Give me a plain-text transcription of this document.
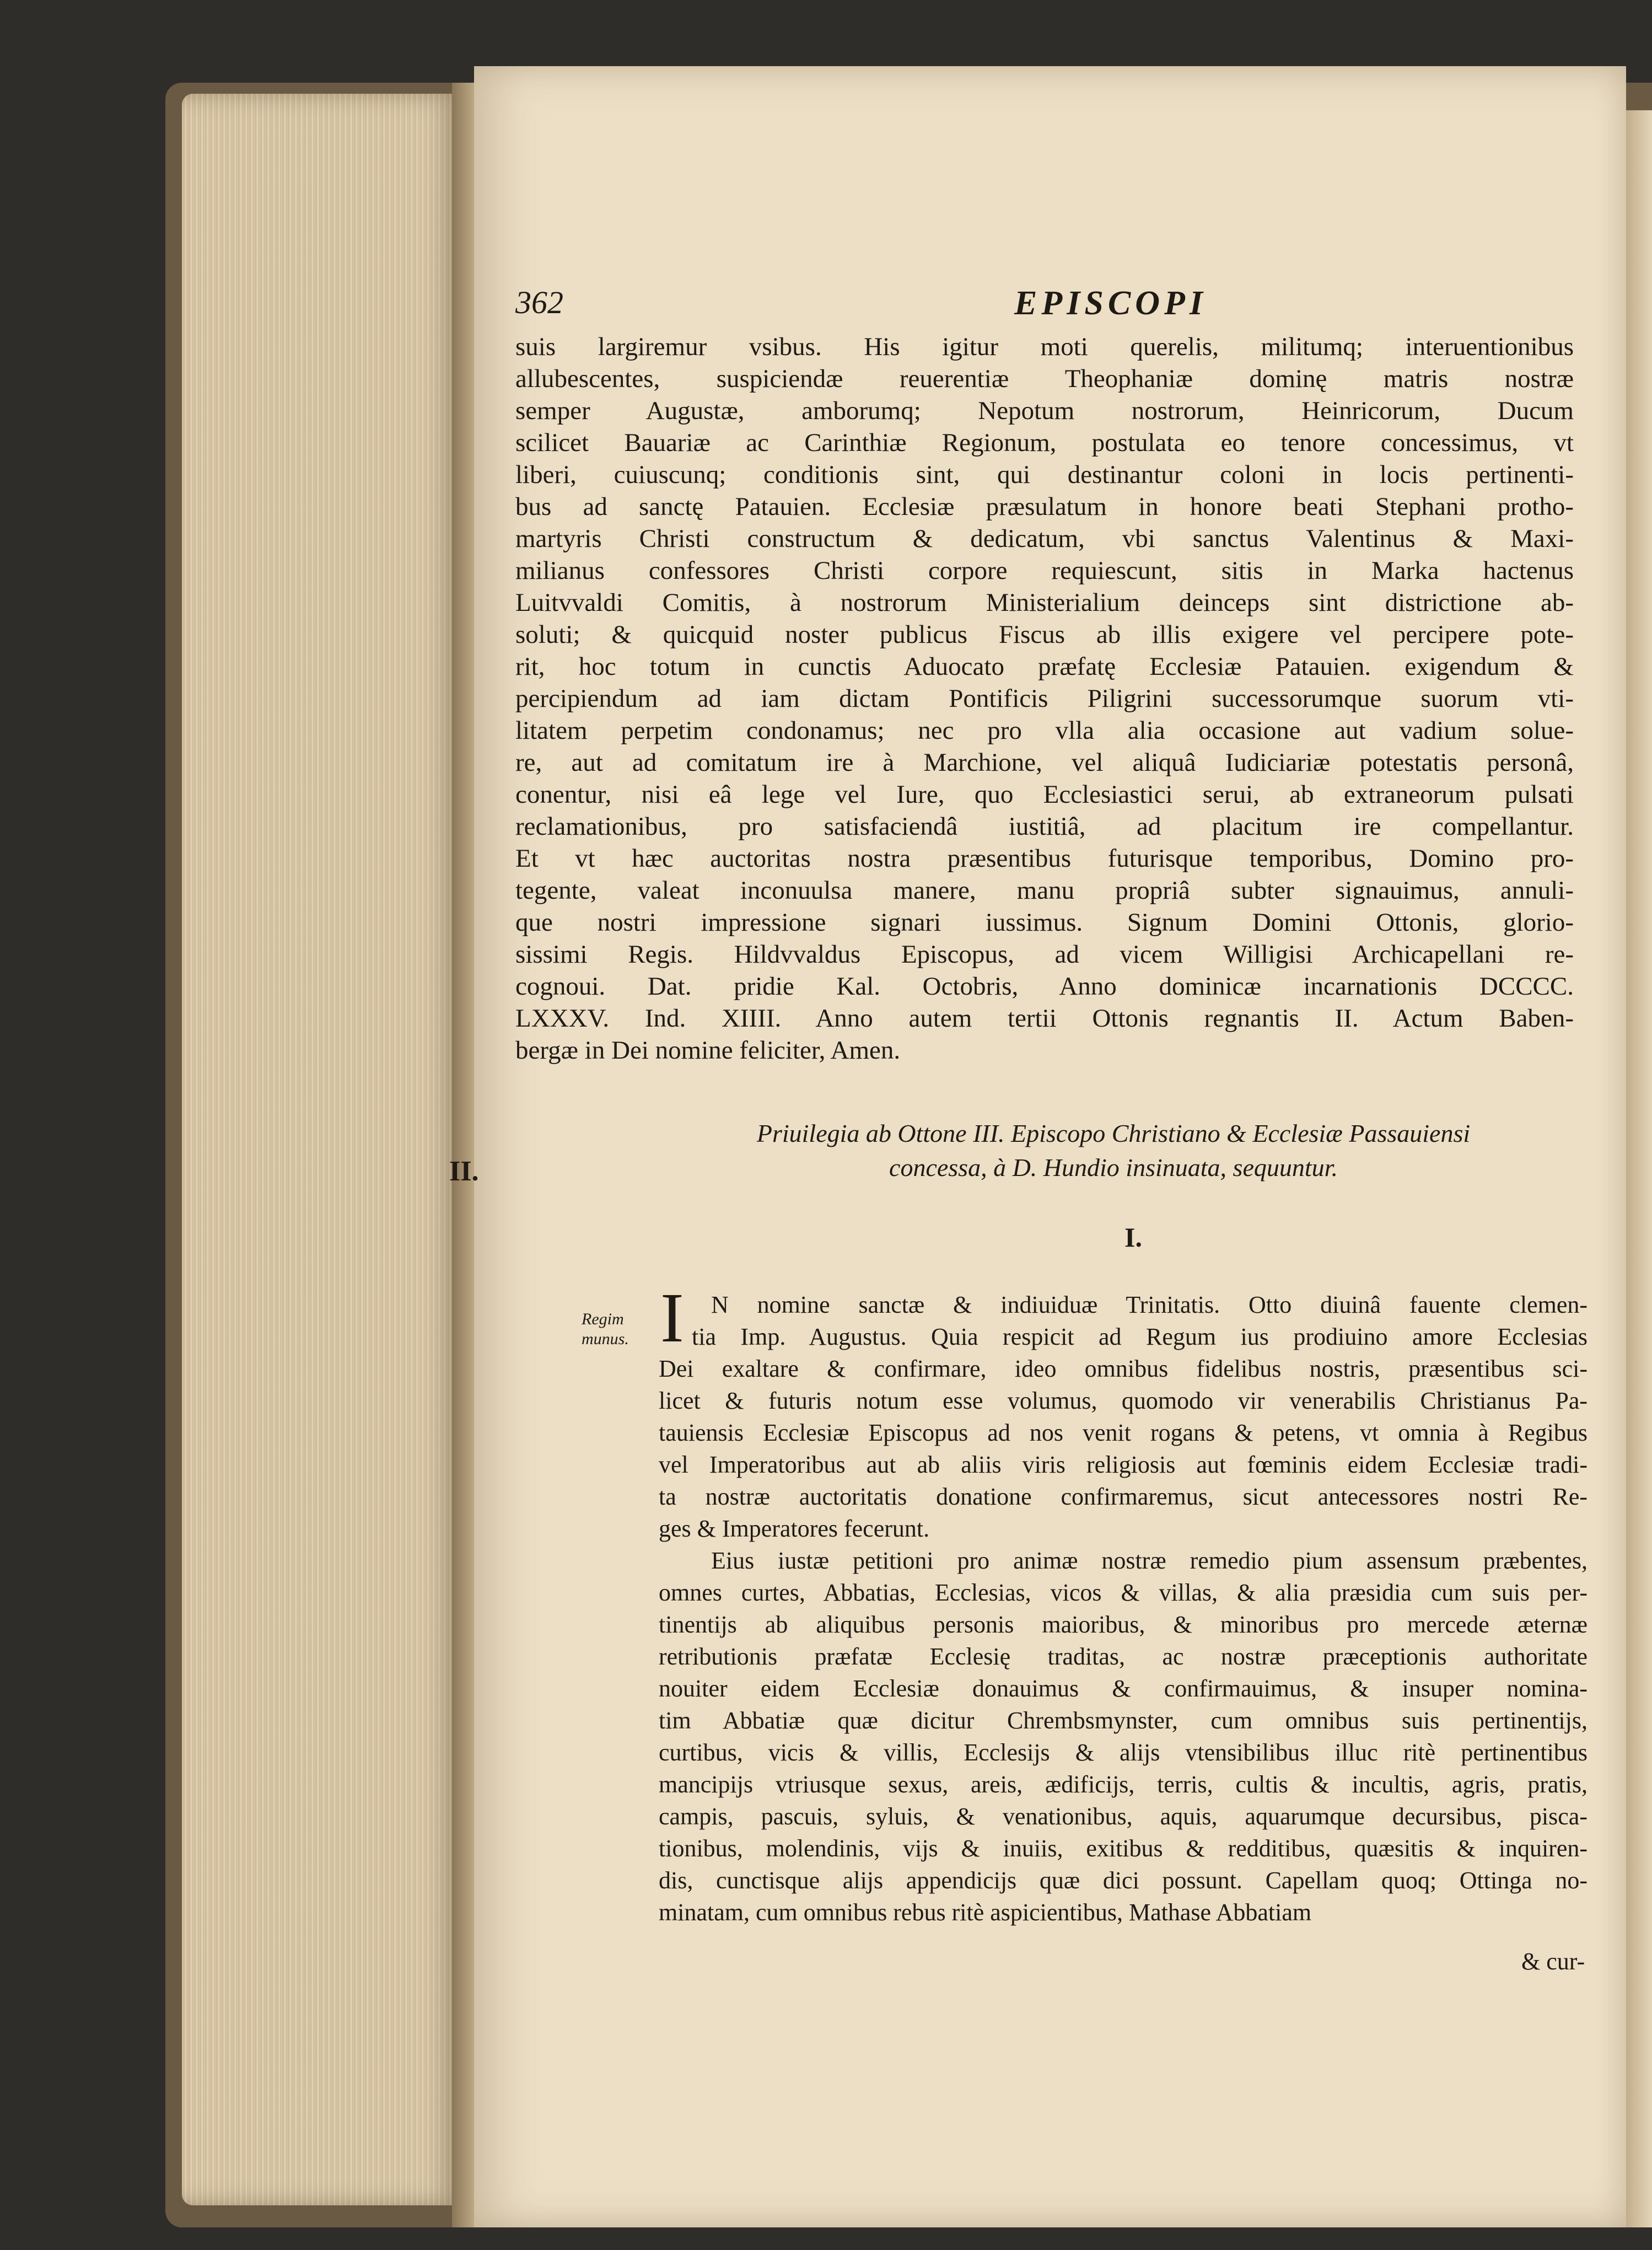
362	EPISCOPI
suis largiremur vsibus. His igitur moti querelis, militumq; interuentionibus
allubescentes, suspiciendæ reuerentiæ Theophaniæ dominę matris nostræ
semper Augustæ, amborumq; Nepotum nostrorum, Heinricorum, Ducum
scilicet Bauariæ ac Carinthiæ Regionum, postulata eo tenore concessimus, vt
liberi, cuiuscunq; conditionis sint, qui destinantur coloni in locis pertinenti-
bus ad sanctę Patauien. Ecclesiæ præsulatum in honore beati Stephani protho-
martyris Christi constructum & dedicatum, vbi sanctus Valentinus & Maxi-
milianus confessores Christi corpore requiescunt, sitis in Marka hactenus
Luitvvaldi Comitis, à nostrorum Ministerialium deinceps sint districtione ab-
soluti; & quicquid noster publicus Fiscus ab illis exigere vel percipere pote-
rit, hoc totum in cunctis Aduocato præfatę Ecclesiæ Patauien. exigendum &
percipiendum ad iam dictam Pontificis Piligrini successorumque suorum vti-
litatem perpetim condonamus; nec pro vlla alia occasione aut vadium solue-
re, aut ad comitatum ire à Marchione, vel aliquâ Iudiciariæ potestatis personâ,
conentur, nisi eâ lege vel Iure, quo Ecclesiastici serui, ab extraneorum pulsati
reclamationibus, pro satisfaciendâ iustitiâ, ad placitum ire compellantur.
Et vt hæc auctoritas nostra præsentibus futurisque temporibus, Domino pro-
tegente, valeat inconuulsa manere, manu propriâ subter signauimus, annuli-
que nostri impressione signari iussimus. Signum Domini Ottonis, glorio-
sissimi Regis. Hildvvaldus Episcopus, ad vicem Willigisi Archicapellani re-
cognoui. Dat. pridie Kal. Octobris, Anno dominicæ incarnationis DCCCC.
LXXXV. Ind. XIIII. Anno autem tertii Ottonis regnantis II. Actum Baben-
bergæ in Dei nomine feliciter, Amen.
II.
Priuilegia ab Ottone III. Episcopo Christiano & Ecclesiæ Passauiensi
concessa, à D. Hundio insinuata, sequuntur.
I.
Regim
munus. I	N nomine sanctæ & indiuiduæ Trinitatis. Otto diuinâ fauente clemen-
tia Imp. Augustus. Quia respicit ad Regum ius prodiuino amore Ecclesias
Dei exaltare & confirmare, ideo omnibus fidelibus nostris, præsentibus sci-
licet & futuris notum esse volumus, quomodo vir venerabilis Christianus Pa-
tauiensis Ecclesiæ Episcopus ad nos venit rogans & petens, vt omnia à Regibus
vel Imperatoribus aut ab aliis viris religiosis aut fœminis eidem Ecclesiæ tradi-
ta nostræ auctoritatis donatione confirmaremus, sicut antecessores nostri Re-
ges & Imperatores fecerunt.
Eius iustæ petitioni pro animæ nostræ remedio pium assensum præbentes,
omnes curtes, Abbatias, Ecclesias, vicos & villas, & alia præsidia cum suis per-
tinentijs ab aliquibus personis maioribus, & minoribus pro mercede æternæ
retributionis præfatæ Ecclesię traditas, ac nostræ præceptionis authoritate
nouiter eidem Ecclesiæ donauimus & confirmauimus, & insuper nomina-
tim Abbatiæ quæ dicitur Chrembsmynster, cum omnibus suis pertinentijs,
curtibus, vicis & villis, Ecclesijs & alijs vtensibilibus illuc ritè pertinentibus
mancipijs vtriusque sexus, areis, ædificijs, terris, cultis & incultis, agris, pratis,
campis, pascuis, syluis, & venationibus, aquis, aquarumque decursibus, pisca-
tionibus, molendinis, vijs & inuiis, exitibus & redditibus, quæsitis & inquiren-
dis, cunctisque alijs appendicijs quæ dici possunt. Capellam quoq; Ottinga no-
minatam, cum omnibus rebus ritè aspicientibus, Mathase Abbatiam
& cur-
